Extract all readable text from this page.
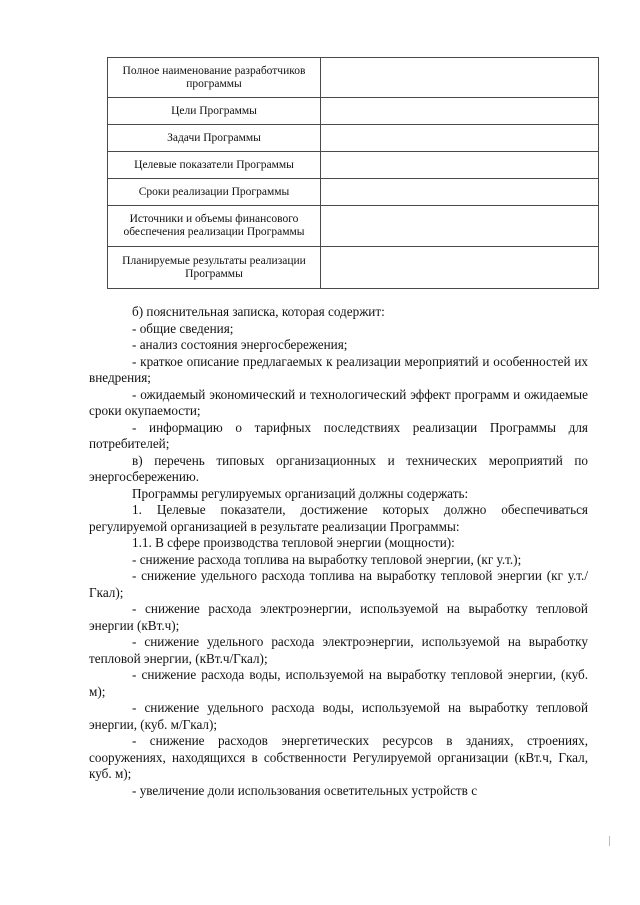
Полное наименование разработчиков программы	
Цели Программы	
Задачи Программы	
Целевые показатели Программы	
Сроки реализации Программы	
Источники и объемы финансового обеспечения реализации Программы	
Планируемые результаты реализации Программы	

б) пояснительная записка, которая содержит:

- общие сведения;

- анализ состояния энергосбережения;

- краткое описание предлагаемых к реализации мероприятий и особенностей их внедрения;

- ожидаемый экономический и технологический эффект программ и ожидаемые сроки окупаемости;

- информацию о тарифных последствиях реализации Программы для потребителей;

в) перечень типовых организационных и технических мероприятий по энергосбережению.

Программы регулируемых организаций должны содержать:

1. Целевые показатели, достижение которых должно обеспечиваться регулируемой организацией в результате реализации Программы:

1.1. В сфере производства тепловой энергии (мощности):

- снижение расхода топлива на выработку тепловой энергии, (кг у.т.);

- снижение удельного расхода топлива на выработку тепловой энергии (кг у.т./Гкал);

- снижение расхода электроэнергии, используемой на выработку тепловой энергии (кВт.ч);

- снижение удельного расхода электроэнергии, используемой на выработку тепловой энергии, (кВт.ч/Гкал);

- снижение расхода воды, используемой на выработку тепловой энергии, (куб. м);

- снижение удельного расхода воды, используемой на выработку тепловой энергии, (куб. м/Гкал);

- снижение расходов энергетических ресурсов в зданиях, строениях, сооружениях, находящихся в собственности Регулируемой организации (кВт.ч, Гкал, куб. м);

- увеличение доли использования осветительных устройств с
